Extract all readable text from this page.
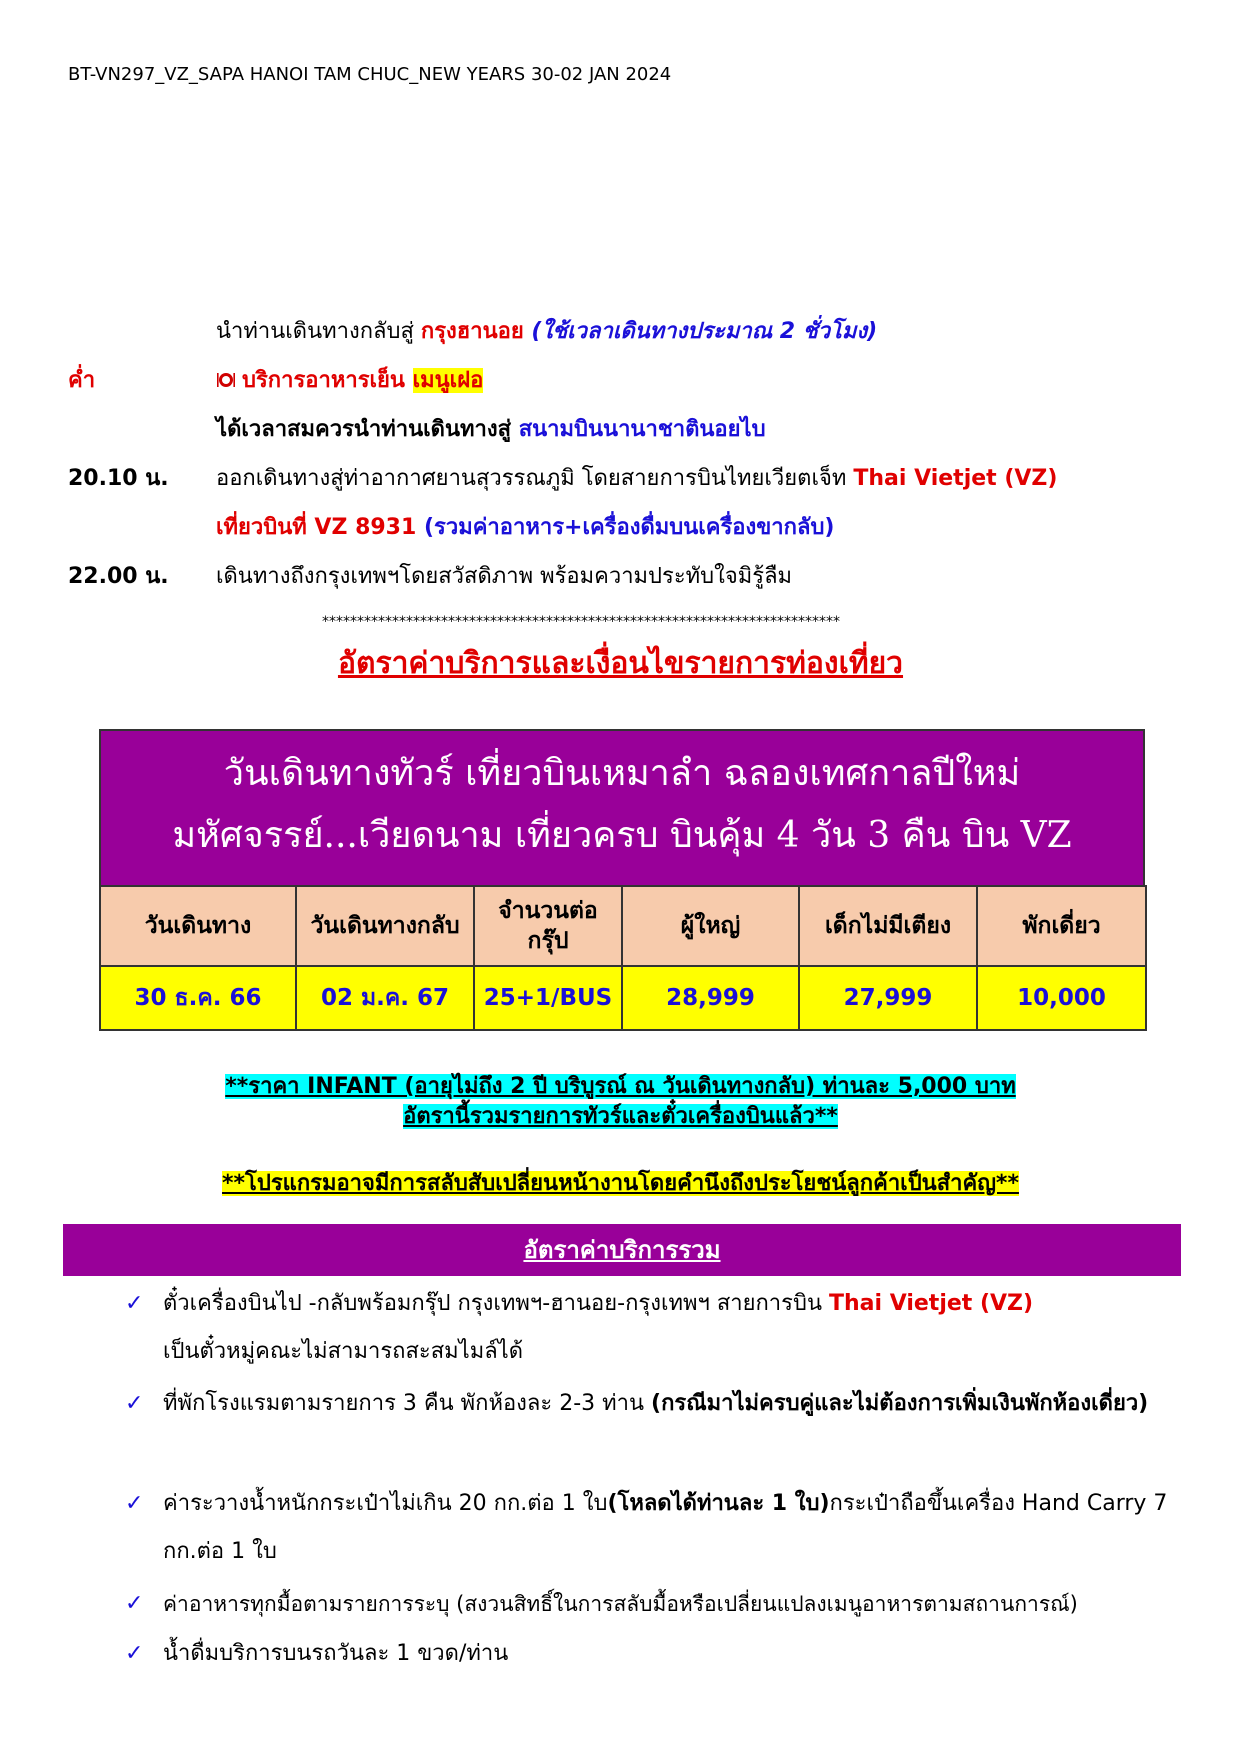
BT-VN297_VZ_SAPA HANOI TAM CHUC_NEW YEARS 30-02 JAN 2024
นำท่านเดินทางกลับสู่ กรุงฮานอย (ใช้เวลาเดินทางประมาณ 2 ชั่วโมง)
ค่ำ	บริการอาหารเย็น เมนูเฝอ
ได้เวลาสมควรนำท่านเดินทางสู่ สนามบินนานาชาตินอยไบ
20.10 น. ออกเดินทางสู่ท่าอากาศยานสุวรรณภูมิ โดยสายการบินไทยเวียตเจ็ท Thai Vietjet (VZ)
เที่ยวบินที่ VZ 8931 (รวมค่าอาหาร+เครื่องดื่มบนเครื่องขากลับ)
22.00 น. เดินทางถึงกรุงเทพฯโดยสวัสดิภาพ พร้อมความประทับใจมิรู้ลืม
**************************************************************************
อัตราค่าบริการและเงื่อนไขรายการท่องเที่ยว
วันเดินทางทัวร์ เที่ยวบินเหมาลำ ฉลองเทศกาลปีใหม่
มหัศจรรย์...เวียดนาม เที่ยวครบ บินคุ้ม 4 วัน 3 คืน บิน VZ
วันเดินทาง	วันเดินทางกลับ	จำนวนต่อ กรุ๊ป	ผู้ใหญ่	เด็กไม่มีเตียง	พักเดี่ยว
30 ธ.ค. 66	02 ม.ค. 67	25+1/BUS	28,999	27,999	10,000
**ราคา INFANT (อายุไม่ถึง 2 ปี บริบูรณ์ ณ วันเดินทางกลับ) ท่านละ 5,000 บาท
อัตรานี้รวมรายการทัวร์และตั๋วเครื่องบินแล้ว**
**โปรแกรมอาจมีการสลับสับเปลี่ยนหน้างานโดยคำนึงถึงประโยชน์ลูกค้าเป็นสำคัญ**
อัตราค่าบริการรวม
✓ ตั๋วเครื่องบินไป -กลับพร้อมกรุ๊ป กรุงเทพฯ-ฮานอย-กรุงเทพฯ สายการบิน Thai Vietjet (VZ)
เป็นตั๋วหมู่คณะไม่สามารถสะสมไมล์ได้
✓ ที่พักโรงแรมตามรายการ 3 คืน พักห้องละ 2-3 ท่าน (กรณีมาไม่ครบคู่และไม่ต้องการเพิ่มเงินพักห้องเดี่ยว)
✓ ค่าระวางน้ำหนักกระเป๋าไม่เกิน 20 กก.ต่อ 1 ใบ(โหลดได้ท่านละ 1 ใบ)กระเป๋าถือขึ้นเครื่อง Hand Carry 7 กก.ต่อ 1 ใบ
✓ ค่าอาหารทุกมื้อตามรายการระบุ (สงวนสิทธิ์ในการสลับมื้อหรือเปลี่ยนแปลงเมนูอาหารตามสถานการณ์)
✓ น้ำดื่มบริการบนรถวันละ 1 ขวด/ท่าน
